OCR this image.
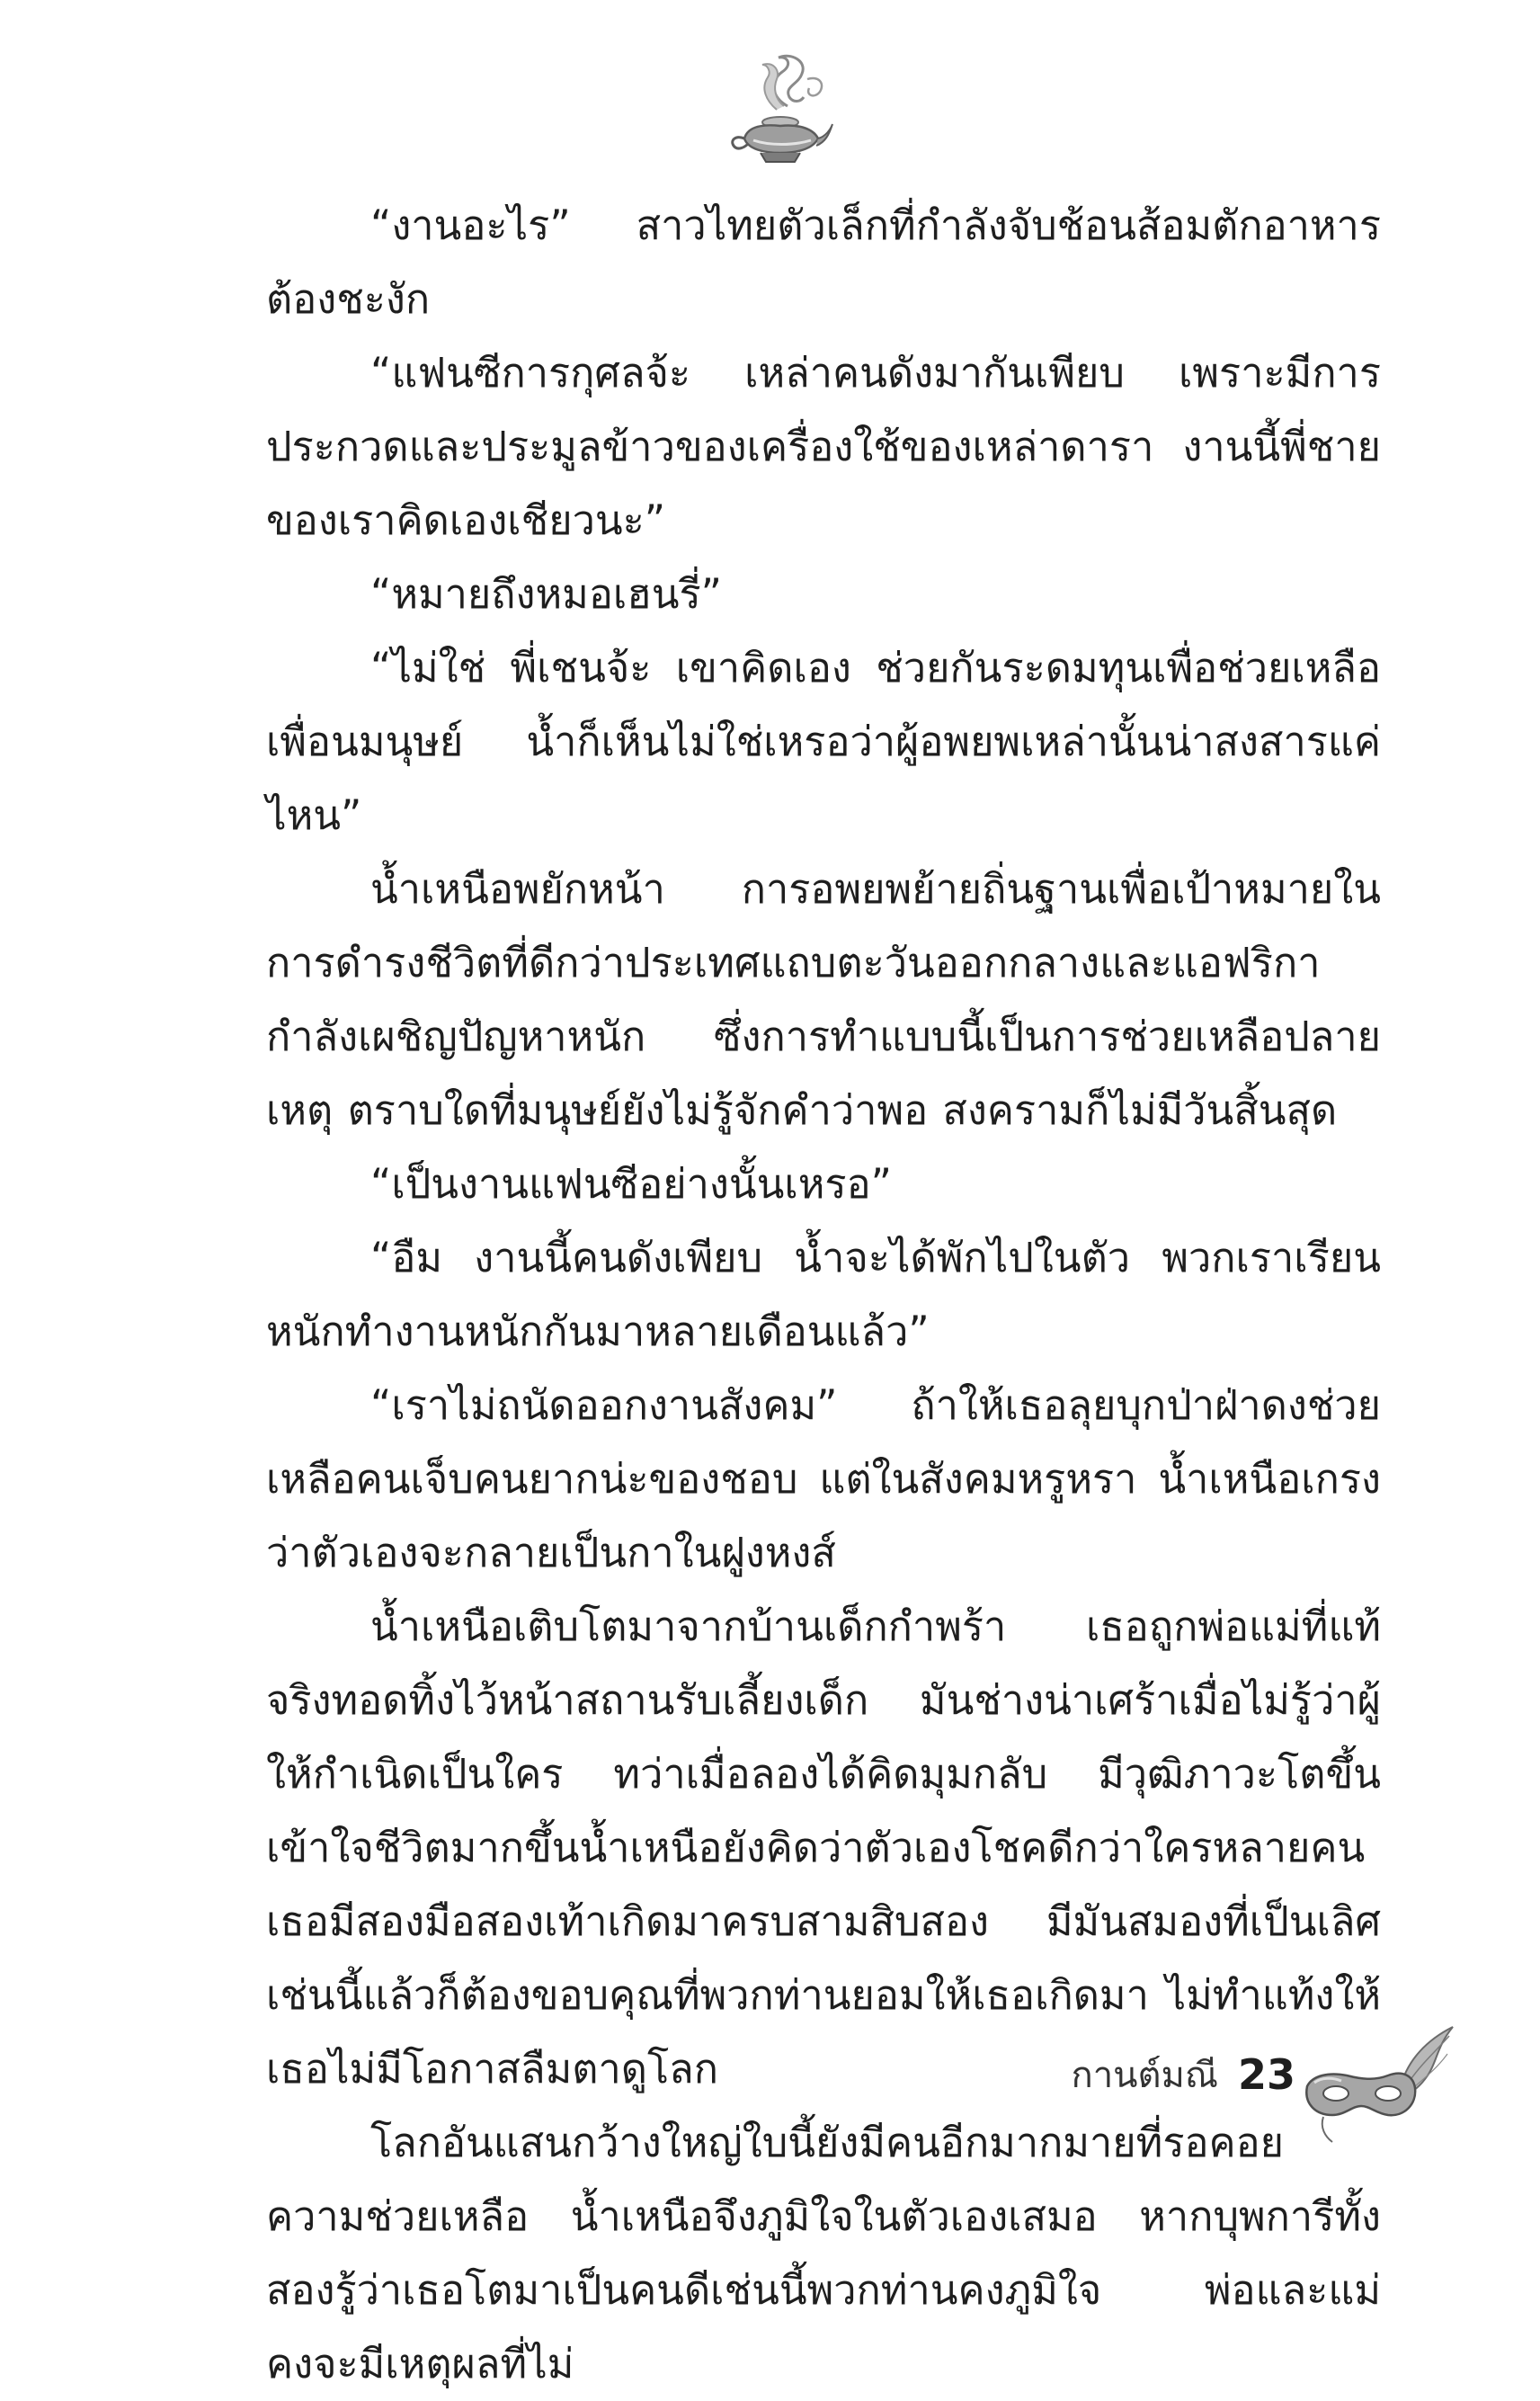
“งานอะไร” สาวไทยตัวเล็กที่กำลังจับช้อนส้อมตักอาหารต้องชะงัก

“แฟนซีการกุศลจ้ะ เหล่าคนดังมากันเพียบ เพราะมีการประกวดและประมูลข้าวของเครื่องใช้ของเหล่าดารา งานนี้พี่ชายของเราคิดเองเชียวนะ”

“หมายถึงหมอเฮนรี่”

“ไม่ใช่ พี่เชนจ้ะ เขาคิดเอง ช่วยกันระดมทุนเพื่อช่วยเหลือเพื่อนมนุษย์ น้ำก็เห็นไม่ใช่เหรอว่าผู้อพยพเหล่านั้นน่าสงสารแค่ไหน”

น้ำเหนือพยักหน้า การอพยพย้ายถิ่นฐานเพื่อเป้าหมายในการดำรงชีวิตที่ดีกว่าประเทศแถบตะวันออกกลางและแอฟริกากำลังเผชิญปัญหาหนัก ซึ่งการทำแบบนี้เป็นการช่วยเหลือปลายเหตุ ตราบใดที่มนุษย์ยังไม่รู้จักคำว่าพอ สงครามก็ไม่มีวันสิ้นสุด

“เป็นงานแฟนซีอย่างนั้นเหรอ”

“อืม งานนี้คนดังเพียบ น้ำจะได้พักไปในตัว พวกเราเรียนหนักทำงานหนักกันมาหลายเดือนแล้ว”

“เราไม่ถนัดออกงานสังคม” ถ้าให้เธอลุยบุกป่าฝ่าดงช่วยเหลือคนเจ็บคนยากน่ะของชอบ แต่ในสังคมหรูหรา น้ำเหนือเกรงว่าตัวเองจะกลายเป็นกาในฝูงหงส์

น้ำเหนือเติบโตมาจากบ้านเด็กกำพร้า เธอถูกพ่อแม่ที่แท้จริงทอดทิ้งไว้หน้าสถานรับเลี้ยงเด็ก มันช่างน่าเศร้าเมื่อไม่รู้ว่าผู้ให้กำเนิดเป็นใคร ทว่าเมื่อลองได้คิดมุมกลับ มีวุฒิภาวะโตขึ้น เข้าใจชีวิตมากขึ้นน้ำเหนือยังคิดว่าตัวเองโชคดีกว่าใครหลายคน เธอมีสองมือสองเท้าเกิดมาครบสามสิบสอง มีมันสมองที่เป็นเลิศ เช่นนี้แล้วก็ต้องขอบคุณที่พวกท่านยอมให้เธอเกิดมา ไม่ทำแท้งให้เธอไม่มีโอกาสลืมตาดูโลก

โลกอันแสนกว้างใหญ่ใบนี้ยังมีคนอีกมากมายที่รอคอยความช่วยเหลือ น้ำเหนือจึงภูมิใจในตัวเองเสมอ หากบุพการีทั้งสองรู้ว่าเธอโตมาเป็นคนดีเช่นนี้พวกท่านคงภูมิใจ พ่อและแม่คงจะมีเหตุผลที่ไม่

กานต์มณี 23
